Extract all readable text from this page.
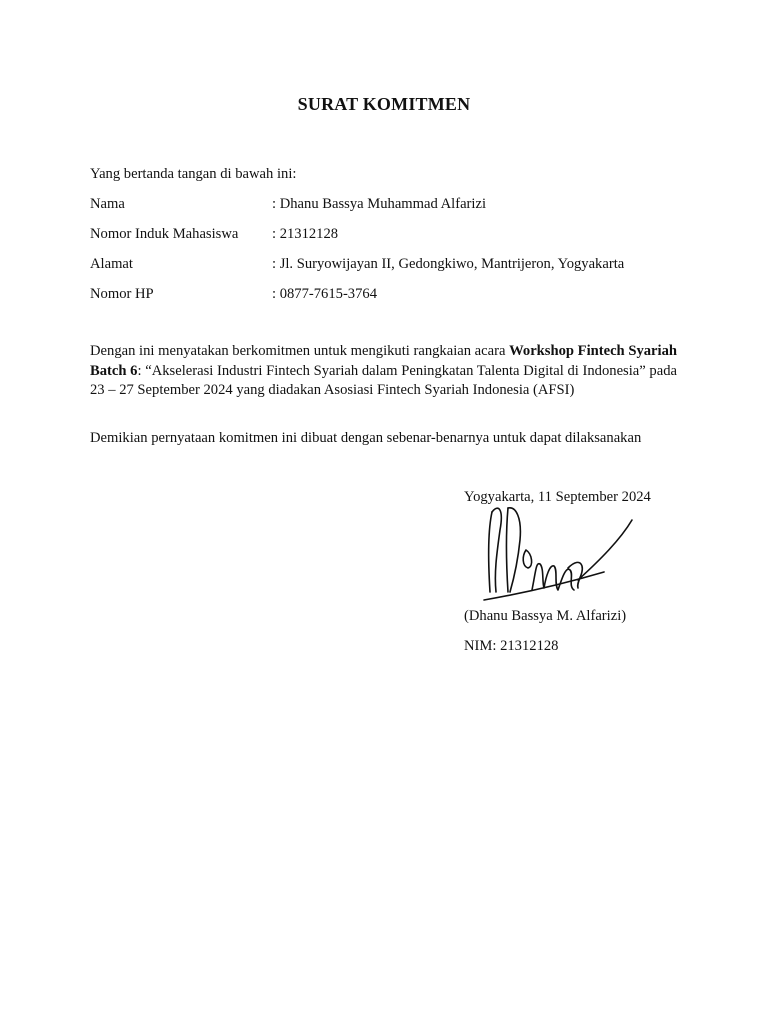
SURAT KOMITMEN
Yang bertanda tangan di bawah ini:
Nama	: Dhanu Bassya Muhammad Alfarizi
Nomor Induk Mahasiswa : 21312128
Alamat	: Jl. Suryowijayan II, Gedongkiwo, Mantrijeron, Yogyakarta
Nomor HP	: 0877-7615-3764
Dengan ini menyatakan berkomitmen untuk mengikuti rangkaian acara Workshop Fintech Syariah Batch 6: “Akselerasi Industri Fintech Syariah dalam Peningkatan Talenta Digital di Indonesia” pada 23 – 27 September 2024 yang diadakan Asosiasi Fintech Syariah Indonesia (AFSI)
Demikian pernyataan komitmen ini dibuat dengan sebenar-benarnya untuk dapat dilaksanakan
Yogyakarta, 11 September 2024
(Dhanu Bassya M. Alfarizi)
NIM: 21312128
